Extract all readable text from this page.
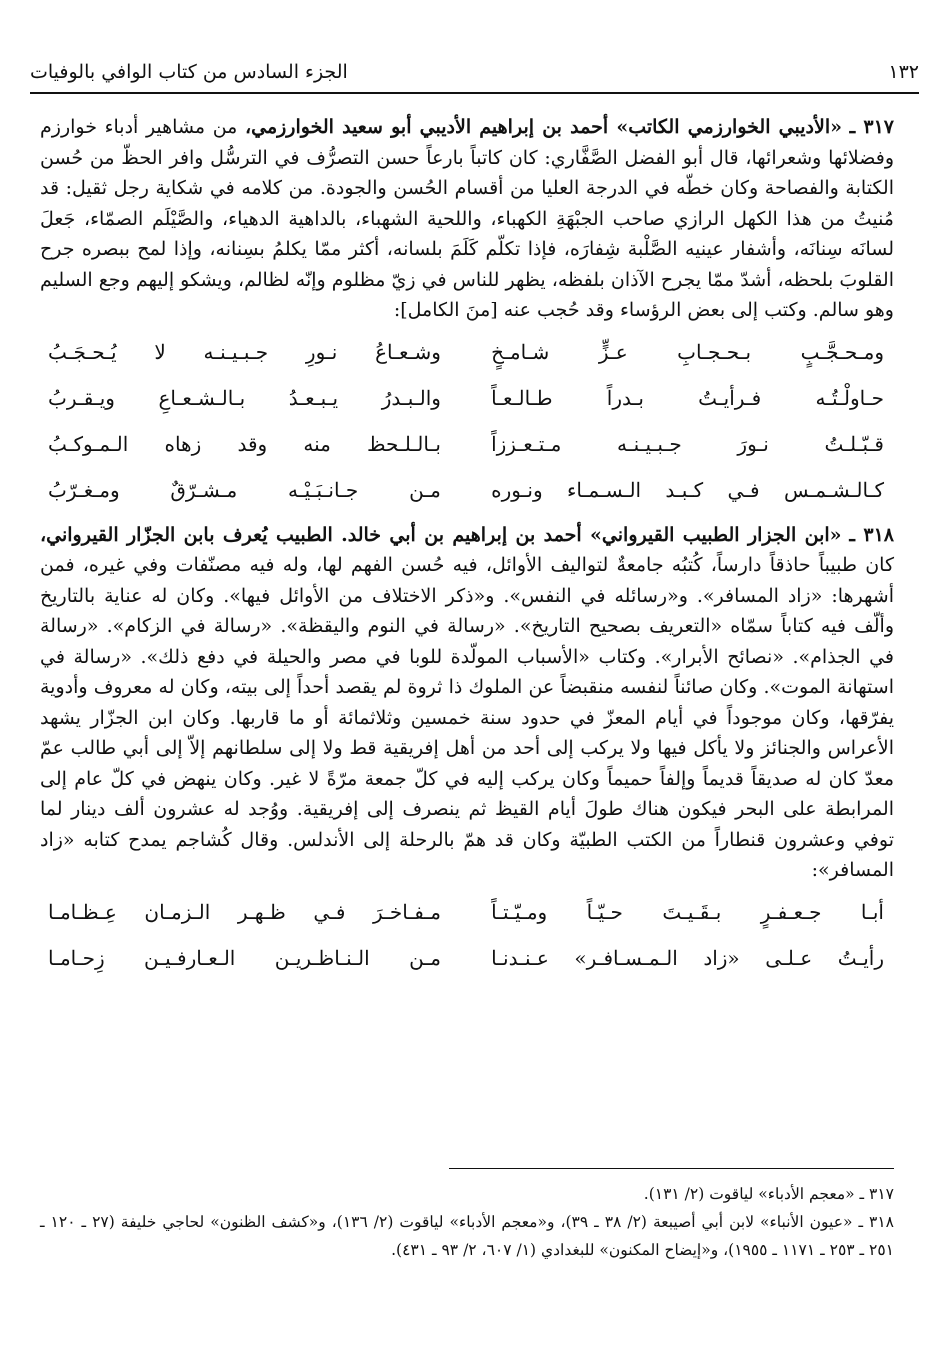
١٣٢
الجزء السادس من كتاب الوافي بالوفيات

٣١٧ ـ «الأديبي الخوارزمي الكاتب» أحمد بن إبراهيم الأديبي أبو سعيد الخوارزمي، من مشاهير أدباء خوارزم وفضلائها وشعرائها، قال أبو الفضل الصَّفَّاري: كان كاتباً بارعاً حسن التصرُّف في الترسُّل وافر الحظّ من حُسن الكتابة والفصاحة وكان خطّه في الدرجة العليا من أقسام الحُسن والجودة. من كلامه في شكاية رجل ثقيل: قد مُنيتُ من هذا الكهل الرازي صاحب الجبْهَةِ الكهباء، واللحية الشهباء، بالداهية الدهياء، والصَّيْلَم الصمّاء، جَعلَ لسانَه سِنانَه، وأشفار عينيه الصَّلْبة شِفارَه، فإذا تكلّم كَلَمَ بلسانه، أكثر ممّا يكلمُ بسِنانه، وإذا لمح ببصره جرح القلوبَ بلحظه، أشدّ ممّا يجرح الآذان بلفظه، يظهر للناس في زيّ مظلوم وإنّه لظالم، ويشكو إليهم وجع السليم وهو سالم. وكتب إلى بعض الرؤساء وقد حُجب عنه [منَ الكامل]:

ومـحـجَّـبٍ بـحـجـابِ عـزٍّ شـامـخٍ
وشـعـاعُ نـورِ جـبـيـنـه لا يُـحـجَـبُ
حـاولْـتُـه فـرأيـتُ بـدراً طـالـعـاً
والـبـدرُ يـبـعـدُ بـالـشـعـاعِ ويـقـربُ
قـبّـلـتُ نـورَ جـبـيـنـه مـتـعـززاً
بـالـلـحظ منه وقد زهاه الـمـوكـبُ
كـالـشـمـس فـي كـبـد الـسـمـاء ونـوره
مـن جـانـبَـيْـه مـشـرّقٌ ومـغـرّبُ

٣١٨ ـ «ابن الجزار الطبيب القيرواني» أحمد بن إبراهيم بن أبي خالد. الطبيب يُعرف بابن الجزّار القيرواني، كان طبيباً حاذقاً دارساً، كُتبُه جامعةٌ لتواليف الأوائل، فيه حُسن الفهم لها، وله فيه مصنّفات وفي غيره، فمن أشهرها: «زاد المسافر». و«رسائله في النفس». و«ذكر الاختلاف من الأوائل فيها». وكان له عناية بالتاريخ وألّف فيه كتاباً سمّاه «التعريف بصحيح التاريخ». «رسالة في النوم واليقظة». «رسالة في الزكام». «رسالة في الجذام». «نصائح الأبرار». وكتاب «الأسباب المولّدة للوبا في مصر والحيلة في دفع ذلك». «رسالة في استهانة الموت». وكان صائناً لنفسه منقبضاً عن الملوك ذا ثروة لم يقصد أحداً إلى بيته، وكان له معروف وأدوية يفرّقها، وكان موجوداً في أيام المعزّ في حدود سنة خمسين وثلاثمائة أو ما قاربها. وكان ابن الجزّار يشهد الأعراس والجنائز ولا يأكل فيها ولا يركب إلى أحد من أهل إفريقية قط ولا إلى سلطانهم إلاّ إلى أبي طالب عمّ معدّ كان له صديقاً قديماً وإلفاً حميماً وكان يركب إليه في كلّ جمعة مرّةً لا غير. وكان ينهض في كلّ عام إلى المرابطة على البحر فيكون هناك طولَ أيام القيظ ثم ينصرف إلى إفريقية. ووُجد له عشرون ألف دينار لما توفي وعشرون قنطاراً من الكتب الطبيّة وكان قد همّ بالرحلة إلى الأندلس. وقال كُشاجم يمدح كتابه «زاد المسافر»:

أبـا جـعـفـرٍ بـقَـيـتَ حـيّـاً ومـيّـتـاً
مـفـاخـرَ فـي ظـهـر الـزمـان عِـظـامـا
رأيـتُ عـلـى «زاد الـمـسـافـر» عـنـدنـا
مـن الـنـاظـريـن الـعـارفـيـن زِحـامـا

٣١٧ ـ «معجم الأدباء» لياقوت (٢/ ١٣١).

٣١٨ ـ «عيون الأنباء» لابن أبي أصيبعة (٢/ ٣٨ ـ ٣٩)، و«معجم الأدباء» لياقوت (٢/ ١٣٦)، و«كشف الظنون» لحاجي خليفة (٢٧ ـ ١٢٠ ـ ٢٥١ ـ ٢٥٣ ـ ١١٧١ ـ ١٩٥٥)، و«إيضاح المكنون» للبغدادي (١/ ٦٠٧، ٢/ ٩٣ ـ ٤٣١).
